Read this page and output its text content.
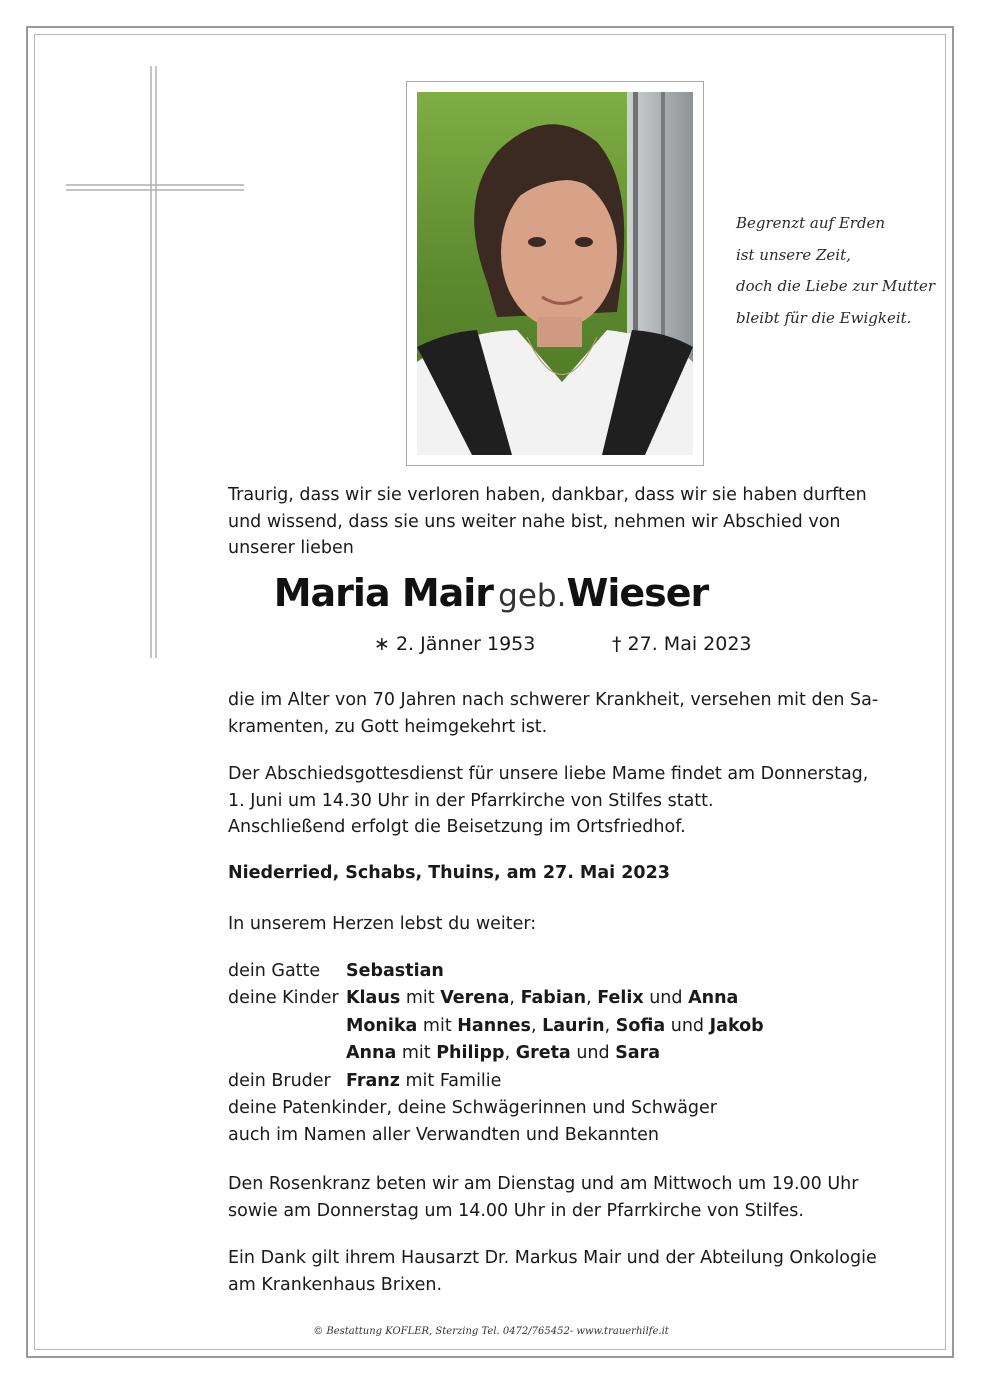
Begrenzt auf Erden
ist unsere Zeit,
doch die Liebe zur Mutter
bleibt für die Ewigkeit.
Traurig, dass wir sie verloren haben, dankbar, dass wir sie haben durften
und wissend, dass sie uns weiter nahe bist, nehmen wir Abschied von
unserer lieben
Maria Mair geb.Wieser
∗ 2. Jänner 1953	† 27. Mai 2023
die im Alter von 70 Jahren nach schwerer Krankheit, versehen mit den Sa-
kramenten, zu Gott heimgekehrt ist.
Der Abschiedsgottesdienst für unsere liebe Mame findet am Donnerstag,
1. Juni um 14.30 Uhr in der Pfarrkirche von Stilfes statt.
Anschließend erfolgt die Beisetzung im Ortsfriedhof.
Niederried, Schabs, Thuins, am 27. Mai 2023
In unserem Herzen lebst du weiter:
dein Gatte Sebastian
deine Kinder Klaus mit Verena, Fabian, Felix und Anna
Monika mit Hannes, Laurin, Sofia und Jakob
Anna mit Philipp, Greta und Sara
dein Bruder Franz mit Familie
deine Patenkinder, deine Schwägerinnen und Schwäger
auch im Namen aller Verwandten und Bekannten
Den Rosenkranz beten wir am Dienstag und am Mittwoch um 19.00 Uhr
sowie am Donnerstag um 14.00 Uhr in der Pfarrkirche von Stilfes.
Ein Dank gilt ihrem Hausarzt Dr. Markus Mair und der Abteilung Onkologie
am Krankenhaus Brixen.
© Bestattung KOFLER, Sterzing Tel. 0472/765452- www.trauerhilfe.it
